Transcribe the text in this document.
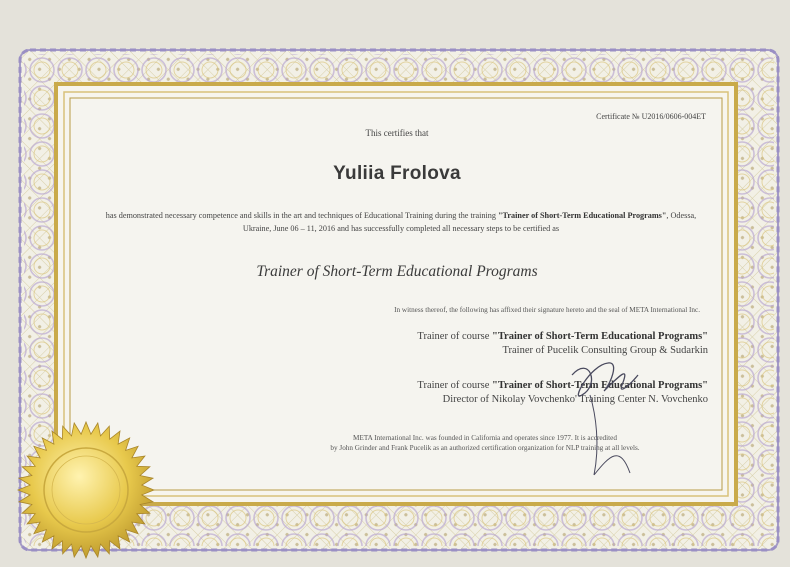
Certificate № U2016/0606-004ET
This certifies that
Yuliia Frolova
has demonstrated necessary competence and skills in the art and techniques of Educational Training during the training "Trainer of Short-Term Educational Programs", Odessa, Ukraine, June 06 – 11, 2016 and has successfully completed all necessary steps to be certified as
Trainer of Short-Term Educational Programs
In witness thereof, the following has affixed their signature hereto and the seal of META International Inc.
Trainer of course "Trainer of Short-Term Educational Programs"
Trainer of Pucelik Consulting Group & Sudarkin
Trainer of course "Trainer of Short-Term Educational Programs"
Director of Nikolay Vovchenko' Training Center N. Vovchenko
META International Inc. was founded in California and operates since 1977. It is accredited
by John Grinder and Frank Pucelik as an authorized certification organization for NLP training at all levels.
